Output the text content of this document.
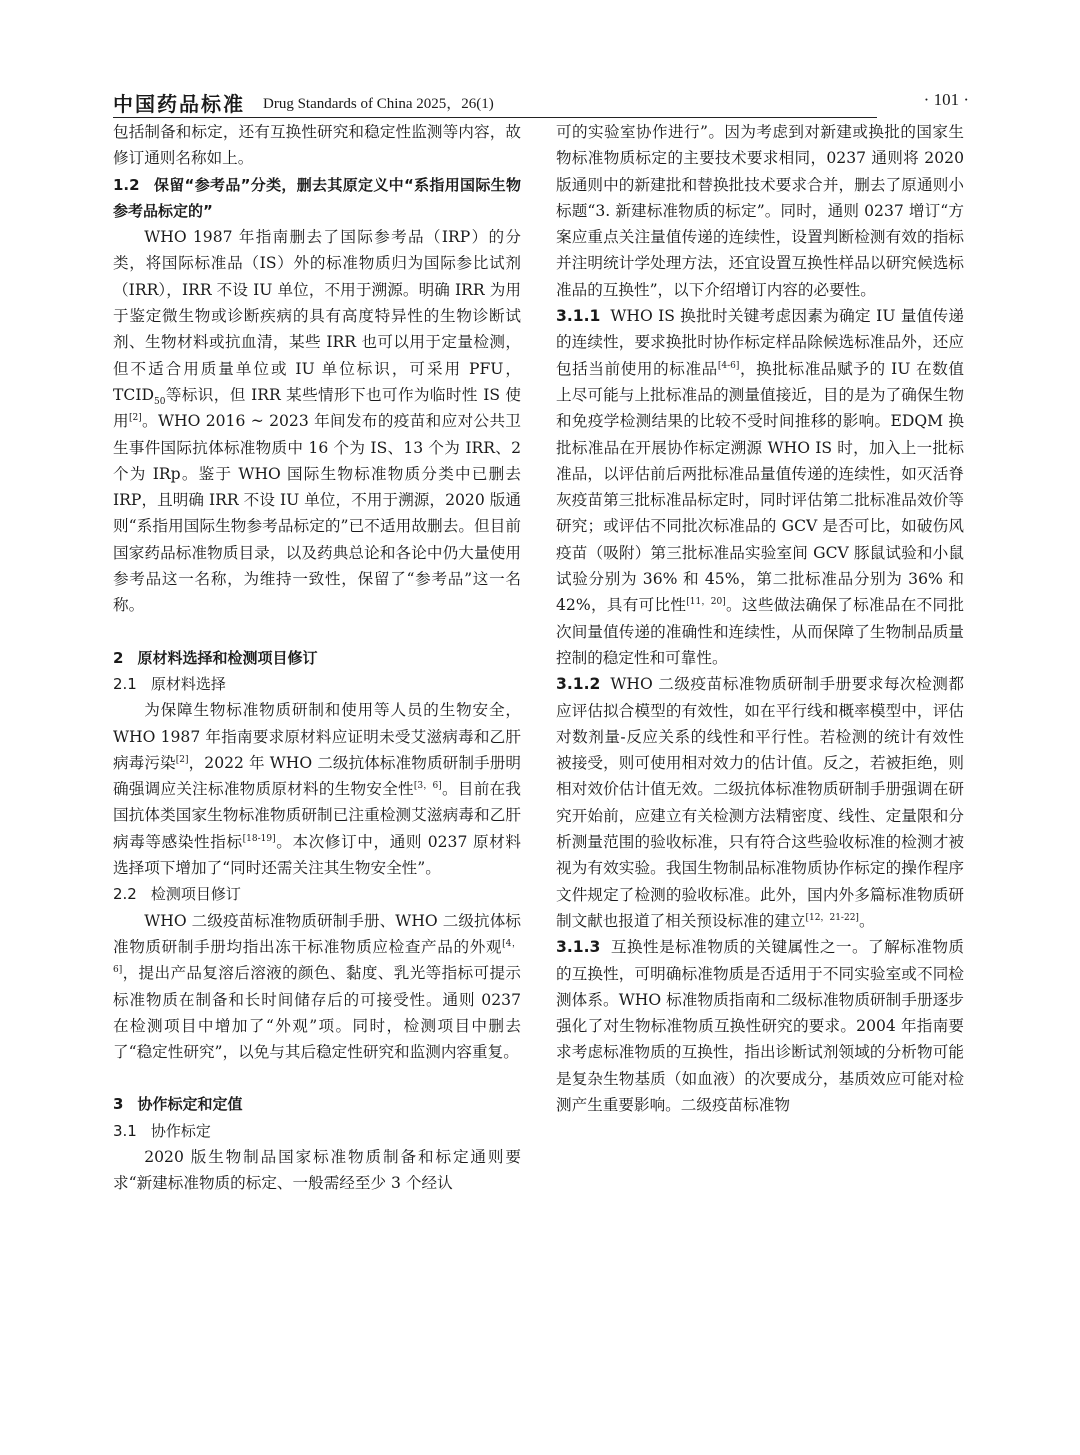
中国药品标准 Drug Standards of China 2025，26(1)	· 101 ·

包括制备和标定，还有互换性研究和稳定性监测等内容，故修订通则名称如上。

1.2 保留“参考品”分类，删去其原定义中“系指用国际生物参考品标定的”

WHO 1987 年指南删去了国际参考品（IRP）的分类，将国际标准品（IS）外的标准物质归为国际参比试剂（IRR），IRR 不设 IU 单位，不用于溯源。明确 IRR 为用于鉴定微生物或诊断疾病的具有高度特异性的生物诊断试剂、生物材料或抗血清，某些 IRR 也可以用于定量检测，但不适合用质量单位或 IU 单位标识，可采用 PFU，$TCID_{50}$等标识，但 IRR 某些情形下也可作为临时性 IS 使用[2]。WHO 2016 ~ 2023 年间发布的疫苗和应对公共卫生事件国际抗体标准物质中 16 个为 IS、13 个为 IRR、2 个为 IRp。鉴于 WHO 国际生物标准物质分类中已删去 IRP，且明确 IRR 不设 IU 单位，不用于溯源，2020 版通则“系指用国际生物参考品标定的”已不适用故删去。但目前国家药品标准物质目录，以及药典总论和各论中仍大量使用参考品这一名称，为维持一致性，保留了“参考品”这一名称。

2 原材料选择和检测项目修订
2.1 原材料选择

为保障生物标准物质研制和使用等人员的生物安全，WHO 1987 年指南要求原材料应证明未受艾滋病毒和乙肝病毒污染[2]，2022 年 WHO 二级抗体标准物质研制手册明确强调应关注标准物质原材料的生物安全性[3，6]。目前在我国抗体类国家生物标准物质研制已注重检测艾滋病毒和乙肝病毒等感染性指标[18-19]。本次修订中，通则 0237 原材料选择项下增加了“同时还需关注其生物安全性”。

2.2 检测项目修订

WHO 二级疫苗标准物质研制手册、WHO 二级抗体标准物质研制手册均指出冻干标准物质应检查产品的外观[4，6]，提出产品复溶后溶液的颜色、黏度、乳光等指标可提示标准物质在制备和长时间储存后的可接受性。通则 0237 在检测项目中增加了“外观”项。同时，检测项目中删去了“稳定性研究”，以免与其后稳定性研究和监测内容重复。

3 协作标定和定值
3.1 协作标定

2020 版生物制品国家标准物质制备和标定通则要求“新建标准物质的标定、一般需经至少 3 个经认

可的实验室协作进行”。因为考虑到对新建或换批的国家生物标准物质标定的主要技术要求相同，0237 通则将 2020 版通则中的新建批和替换批技术要求合并，删去了原通则小标题“3. 新建标准物质的标定”。同时，通则 0237 增订“方案应重点关注量值传递的连续性，设置判断检测有效的指标并注明统计学处理方法，还宜设置互换性样品以研究候选标准品的互换性”，以下介绍增订内容的必要性。

3.1.1 WHO IS 换批时关键考虑因素为确定 IU 量值传递的连续性，要求换批时协作标定样品除候选标准品外，还应包括当前使用的标准品[4-6]，换批标准品赋予的 IU 在数值上尽可能与上批标准品的测量值接近，目的是为了确保生物和免疫学检测结果的比较不受时间推移的影响。EDQM 换批标准品在开展协作标定溯源 WHO IS 时，加入上一批标准品，以评估前后两批标准品量值传递的连续性，如灭活脊灰疫苗第三批标准品标定时，同时评估第二批标准品效价等研究；或评估不同批次标准品的 GCV 是否可比，如破伤风疫苗（吸附）第三批标准品实验室间 GCV 豚鼠试验和小鼠试验分别为 36% 和 45%，第二批标准品分别为 36% 和 42%，具有可比性[11，20]。这些做法确保了标准品在不同批次间量值传递的准确性和连续性，从而保障了生物制品质量控制的稳定性和可靠性。

3.1.2 WHO 二级疫苗标准物质研制手册要求每次检测都应评估拟合模型的有效性，如在平行线和概率模型中，评估对数剂量-反应关系的线性和平行性。若检测的统计有效性被接受，则可使用相对效力的估计值。反之，若被拒绝，则相对效价估计值无效。二级抗体标准物质研制手册强调在研究开始前，应建立有关检测方法精密度、线性、定量限和分析测量范围的验收标准，只有符合这些验收标准的检测才被视为有效实验。我国生物制品标准物质协作标定的操作程序文件规定了检测的验收标准。此外，国内外多篇标准物质研制文献也报道了相关预设标准的建立[12，21-22]。

3.1.3 互换性是标准物质的关键属性之一。了解标准物质的互换性，可明确标准物质是否适用于不同实验室或不同检测体系。WHO 标准物质指南和二级标准物质研制手册逐步强化了对生物标准物质互换性研究的要求。2004 年指南要求考虑标准物质的互换性，指出诊断试剂领域的分析物可能是复杂生物基质（如血液）的次要成分，基质效应可能对检测产生重要影响。二级疫苗标准物
